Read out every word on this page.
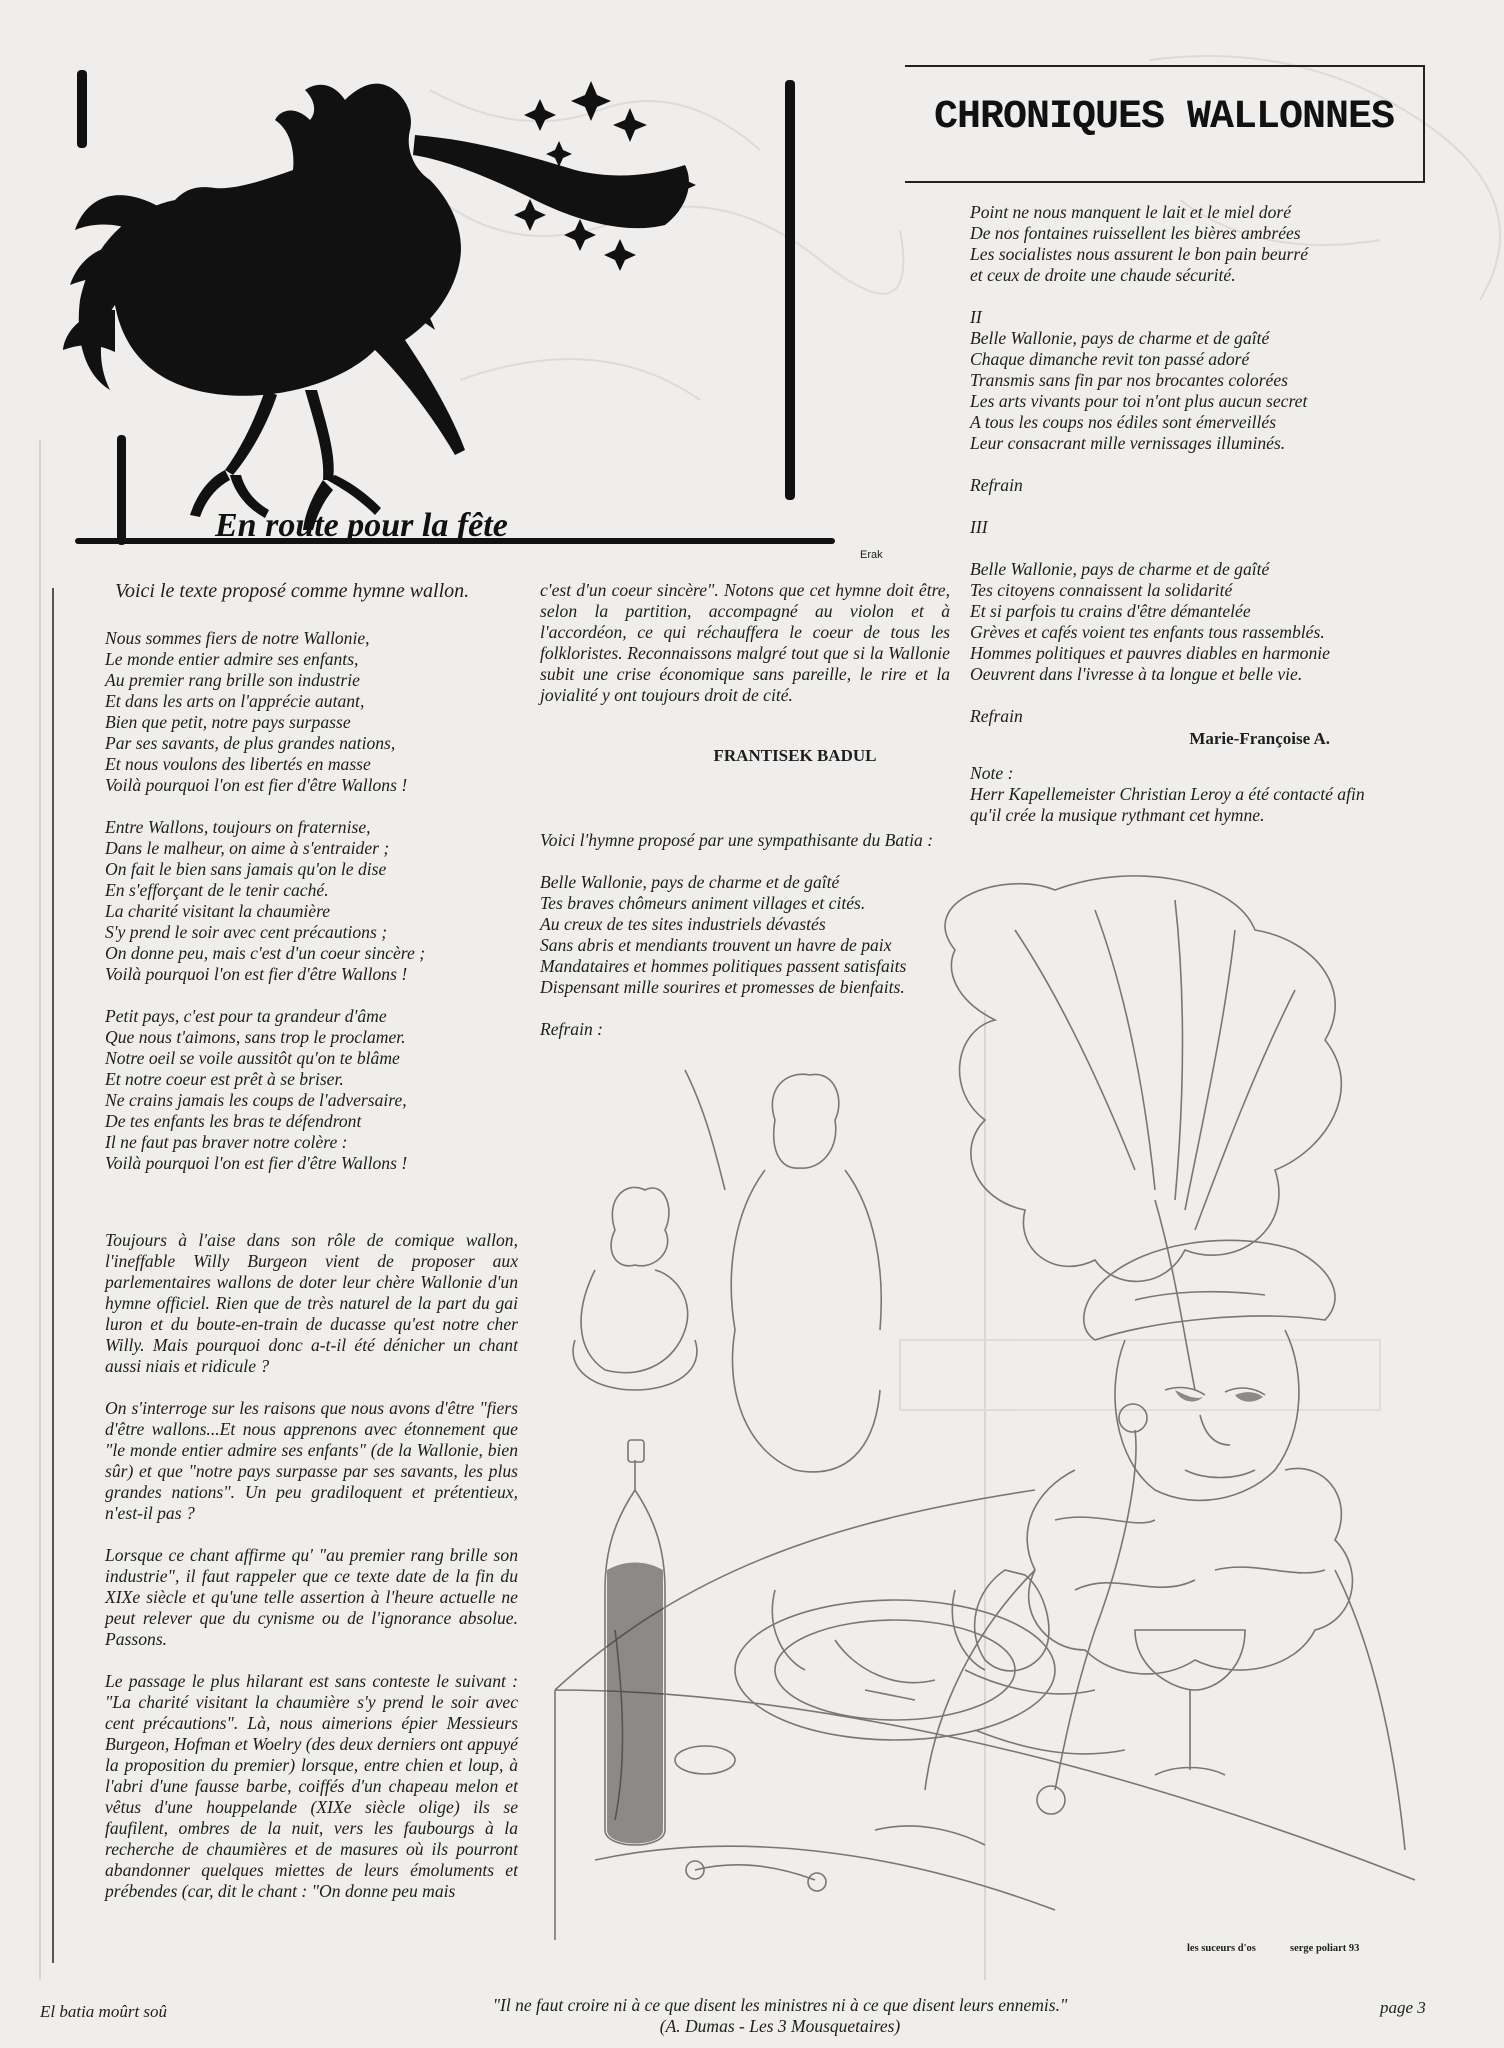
En route pour la fête
Erak
CHRONIQUES WALLONNES
Voici le texte proposé comme hymne wallon.

Nous sommes fiers de notre Wallonie,
Le monde entier admire ses enfants,
Au premier rang brille son industrie
Et dans les arts on l'apprécie autant,
Bien que petit, notre pays surpasse
Par ses savants, de plus grandes nations,
Et nous voulons des libertés en masse
Voilà pourquoi l'on est fier d'être Wallons !

Entre Wallons, toujours on fraternise,
Dans le malheur, on aime à s'entraider ;
On fait le bien sans jamais qu'on le dise
En s'efforçant de le tenir caché.
La charité visitant la chaumière
S'y prend le soir avec cent précautions ;
On donne peu, mais c'est d'un coeur sincère ;
Voilà pourquoi l'on est fier d'être Wallons !

Petit pays, c'est pour ta grandeur d'âme
Que nous t'aimons, sans trop le proclamer.
Notre oeil se voile aussitôt qu'on te blâme
Et notre coeur est prêt à se briser.
Ne crains jamais les coups de l'adversaire,
De tes enfants les bras te défendront
Il ne faut pas braver notre colère :
Voilà pourquoi l'on est fier d'être Wallons !

Toujours à l'aise dans son rôle de comique wallon, l'ineffable Willy Burgeon vient de proposer aux parlementaires wallons de doter leur chère Wallonie d'un hymne officiel. Rien que de très naturel de la part du gai luron et du boute-en-train de ducasse qu'est notre cher Willy. Mais pourquoi donc a-t-il été dénicher un chant aussi niais et ridicule ?

On s'interroge sur les raisons que nous avons d'être "fiers d'être wallons...Et nous apprenons avec étonnement que "le monde entier admire ses enfants" (de la Wallonie, bien sûr) et que "notre pays surpasse par ses savants, les plus grandes nations". Un peu gradiloquent et prétentieux, n'est-il pas ?

Lorsque ce chant affirme qu' "au premier rang brille son industrie", il faut rappeler que ce texte date de la fin du XIXe siècle et qu'une telle assertion à l'heure actuelle ne peut relever que du cynisme ou de l'ignorance absolue. Passons.

Le passage le plus hilarant est sans conteste le suivant : "La charité visitant la chaumière s'y prend le soir avec cent précautions". Là, nous aimerions épier Messieurs Burgeon, Hofman et Woelry (des deux derniers ont appuyé la proposition du premier) lorsque, entre chien et loup, à l'abri d'une fausse barbe, coiffés d'un chapeau melon et vêtus d'une houppelande (XIXe siècle olige) ils se faufilent, ombres de la nuit, vers les faubourgs à la recherche de chaumières et de masures où ils pourront abandonner quelques miettes de leurs émoluments et prébendes (car, dit le chant : "On donne peu mais

c'est d'un coeur sincère". Notons que cet hymne doit être, selon la partition, accompagné au violon et à l'accordéon, ce qui réchauffera le coeur de tous les folkloristes. Reconnaissons malgré tout que si la Wallonie subit une crise économique sans pareille, le rire et la jovialité y ont toujours droit de cité.

FRANTISEK BADUL

Voici l'hymne proposé par une sympathisante du Batia :

Belle Wallonie, pays de charme et de gaîté
Tes braves chômeurs animent villages et cités.
Au creux de tes sites industriels dévastés
Sans abris et mendiants trouvent un havre de paix
Mandataires et hommes politiques passent satisfaits
Dispensant mille sourires et promesses de bienfaits.

Refrain :

Point ne nous manquent le lait et le miel doré
De nos fontaines ruissellent les bières ambrées
Les socialistes nous assurent le bon pain beurré
et ceux de droite une chaude sécurité.

II

Belle Wallonie, pays de charme et de gaîté
Chaque dimanche revit ton passé adoré
Transmis sans fin par nos brocantes colorées
Les arts vivants pour toi n'ont plus aucun secret
A tous les coups nos édiles sont émerveillés
Leur consacrant mille vernissages illuminés.

Refrain

III

Belle Wallonie, pays de charme et de gaîté
Tes citoyens connaissent la solidarité
Et si parfois tu crains d'être démantelée
Grèves et cafés voient tes enfants tous rassemblés.
Hommes politiques et pauvres diables en harmonie
Oeuvrent dans l'ivresse à ta longue et belle vie.

Refrain

Marie-Françoise A.

Note :

Herr Kapellemeister Christian Leroy a été contacté afin qu'il crée la musique rythmant cet hymne.

les suceurs d'os	serge poliart 93
El batia moûrt soû	"Il ne faut croire ni à ce que disent les ministres ni à ce que disent leurs ennemis."
(A. Dumas - Les 3 Mousquetaires)
page 3
